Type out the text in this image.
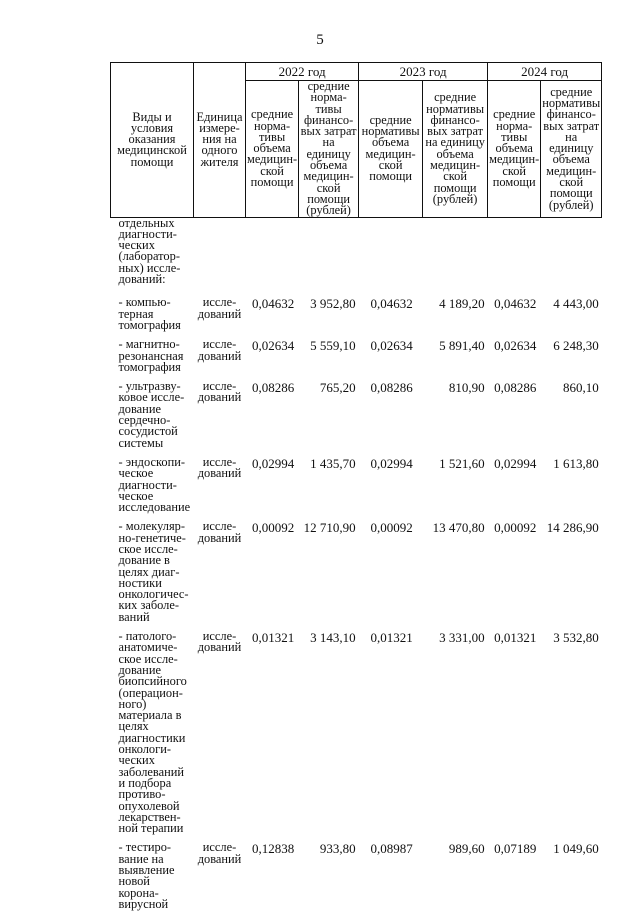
5
Виды и условия оказания медицинской помощи	Единица измере-ния на одного жителя	2022 год		2023 год		2024 год	
		средние норма-тивы объема медицин-ской помощи	средние норма-тивы финансо-вых затрат на единицу объема медицин-ской помощи (рублей)	средние нормативы объема медицин-ской помощи	средние нормативы финансо-вых затрат на единицу объема медицин-ской помощи (рублей)	средние норма-тивы объема медицин-ской помощи	средние нормативы финансо-вых затрат на единицу объема медицин-ской помощи (рублей)
отдельных диагности-ческих (лаборатор-ных) иссле-дований:							
- компью-терная томография	иссле-дований	0,04632	3 952,80	0,04632	4 189,20	0,04632	4 443,00
- магнитно-резонансная томография	иссле-дований	0,02634	5 559,10	0,02634	5 891,40	0,02634	6 248,30
- ультразву-ковое иссле-дование сердечно-сосудистой системы	иссле-дований	0,08286	765,20	0,08286	810,90	0,08286	860,10
- эндоскопи-ческое диагности-ческое исследование	иссле-дований	0,02994	1 435,70	0,02994	1 521,60	0,02994	1 613,80
- молекуляр-но-генетиче-ское иссле-дование в целях диаг-ностики онкологичес-ких заболе-ваний	иссле-дований	0,00092	12 710,90	0,00092	13 470,80	0,00092	14 286,90
- патолого-анатомиче-ское иссле-дование биопсийного (операцион-ного) материала в целях диагностики онкологи-ческих заболеваний и подбора противо-опухолевой лекарствен-ной терапии	иссле-дований	0,01321	3 143,10	0,01321	3 331,00	0,01321	3 532,80
- тестиро-вание на выявление новой корона-вирусной	иссле-дований	0,12838	933,80	0,08987	989,60	0,07189	1 049,60
